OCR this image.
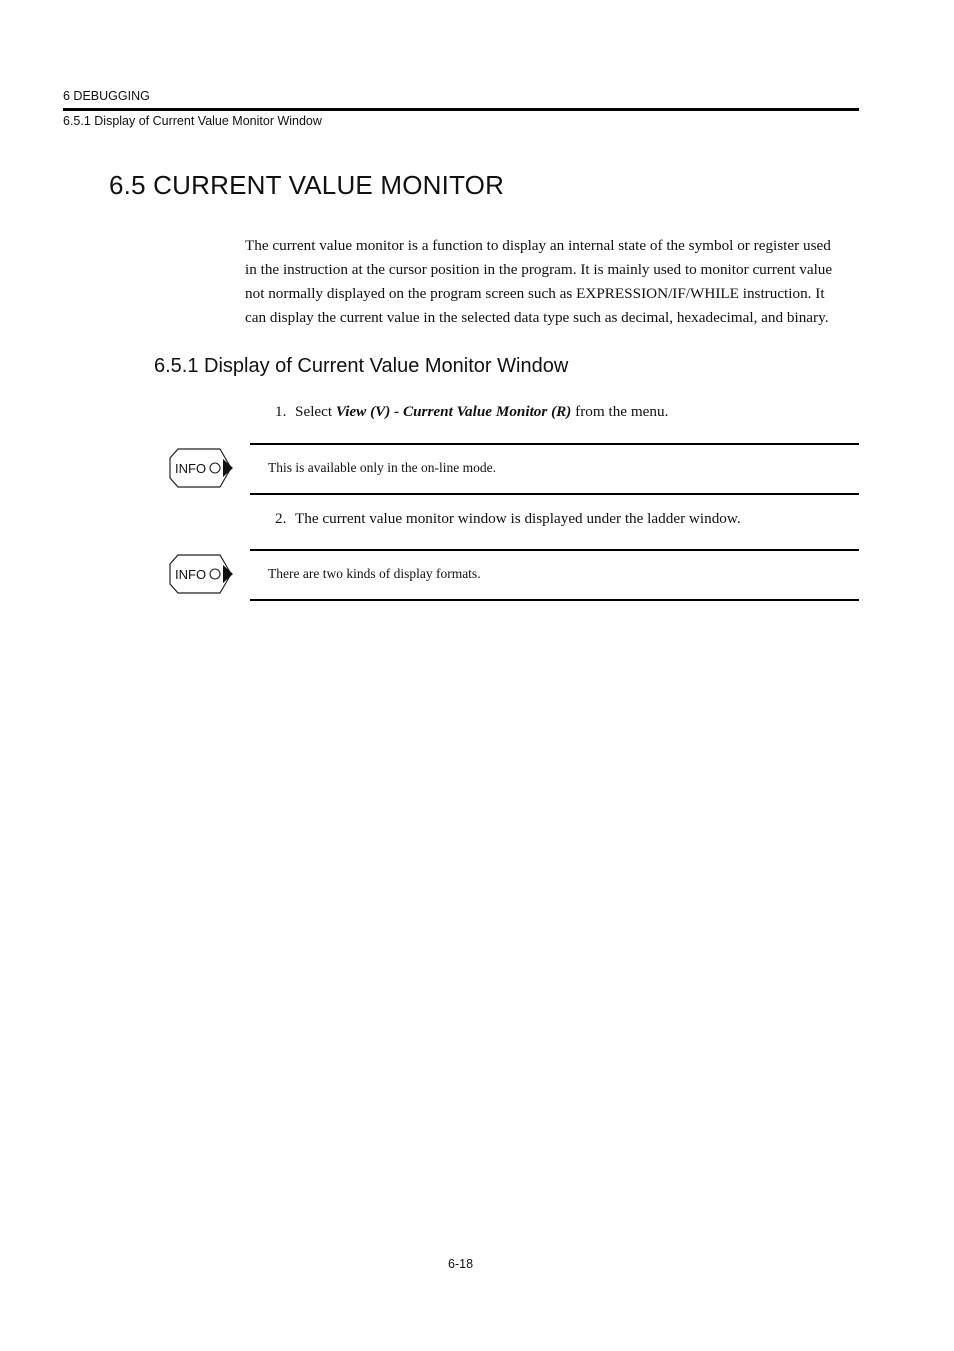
6 DEBUGGING
6.5.1 Display of Current Value Monitor Window
6.5 CURRENT VALUE MONITOR
The current value monitor is a function to display an internal state of the symbol or register used
in the instruction at the cursor position in the program. It is mainly used to monitor current value
not normally displayed on the program screen such as EXPRESSION/IF/WHILE instruction. It
can display the current value in the selected data type such as decimal, hexadecimal, and binary.
6.5.1 Display of Current Value Monitor Window
1. Select View (V) - Current Value Monitor (R) from the menu.
INFO	This is available only in the on-line mode.
2. The current value monitor window is displayed under the ladder window.
INFO	There are two kinds of display formats.
6-18
